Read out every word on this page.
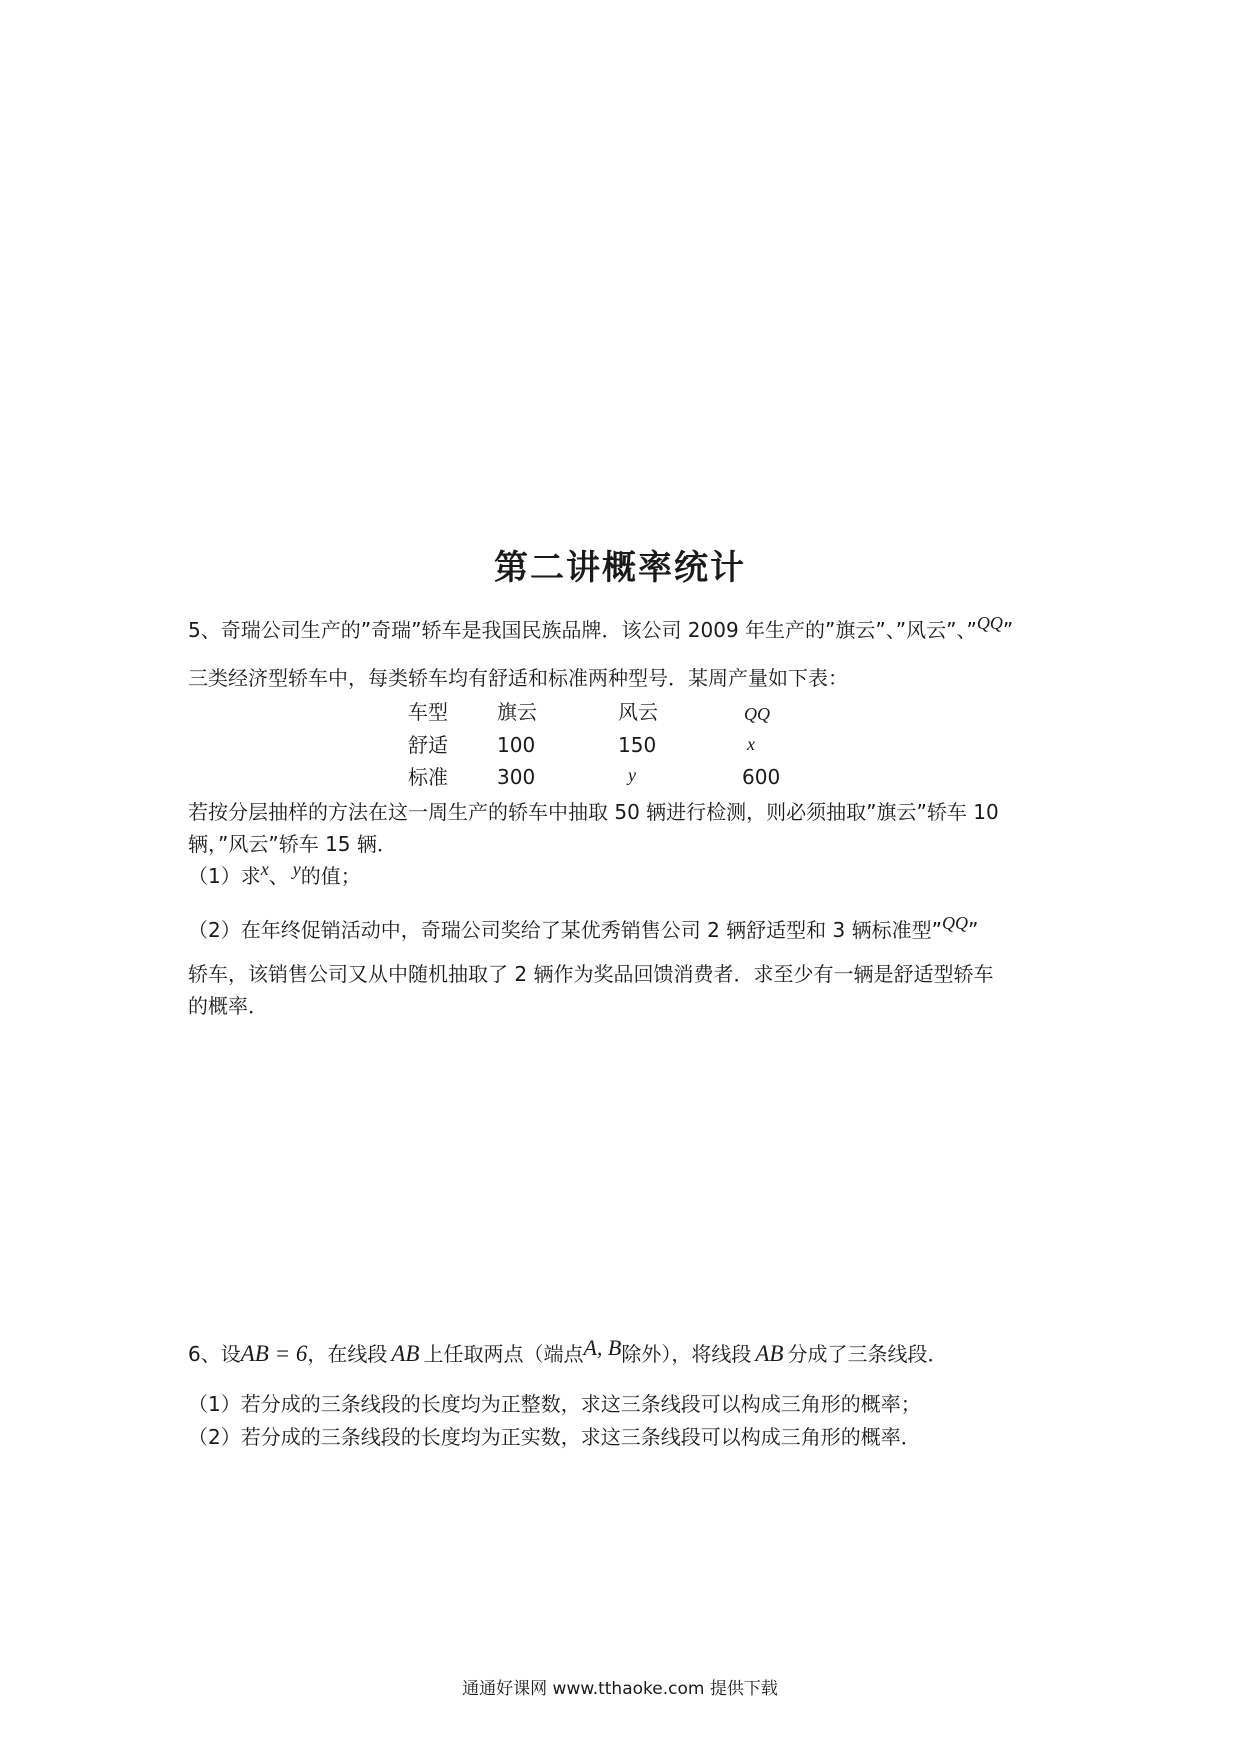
第二讲概率统计
5、奇瑞公司生产的”奇瑞”轿车是我国民族品牌．该公司 2009 年生产的”旗云”、”风云”、”QQ”
三类经济型轿车中，每类轿车均有舒适和标准两种型号．某周产量如下表：
车型 旗云	风云	QQ
舒适 100	150	x
标准 300	y	600
若按分层抽样的方法在这一周生产的轿车中抽取 50 辆进行检测，则必须抽取”旗云”轿车 10
辆，”风云”轿车 15 辆．
（1）求x、 y的值；
（2）在年终促销活动中，奇瑞公司奖给了某优秀销售公司 2 辆舒适型和 3 辆标准型”QQ”
轿车，该销售公司又从中随机抽取了 2 辆作为奖品回馈消费者．求至少有一辆是舒适型轿车
的概率．
6、设AB = 6，在线段 AB 上任取两点（端点A, B除外），将线段 AB 分成了三条线段．
（1）若分成的三条线段的长度均为正整数，求这三条线段可以构成三角形的概率；
（2）若分成的三条线段的长度均为正实数，求这三条线段可以构成三角形的概率．
通通好课网 www.tthaoke.com 提供下载
